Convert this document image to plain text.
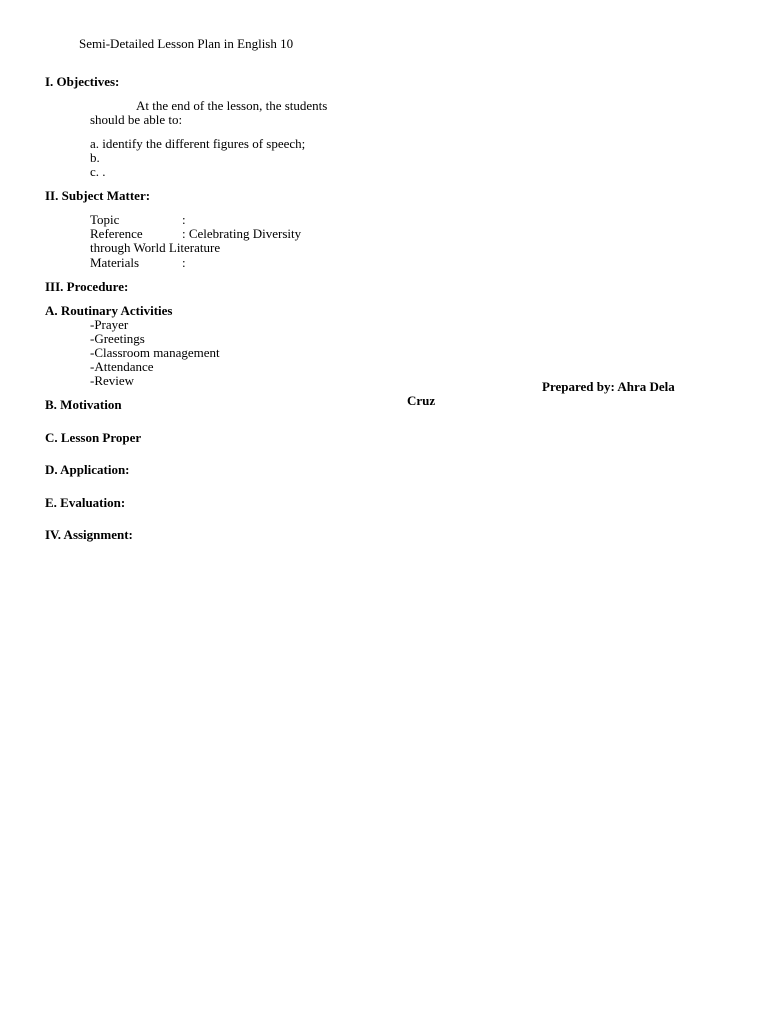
Semi-Detailed Lesson Plan in English 10
I. Objectives:
At the end of the lesson, the students
should be able to:
a. identify the different figures of speech;
b.
c. .
II. Subject Matter:
Topic	:
Reference	: Celebrating Diversity
through World Literature
Materials	:
III. Procedure:
A. Routinary Activities
-Prayer
-Greetings
-Classroom management
-Attendance
-Review	Prepared by: Ahra Dela
Cruz
B. Motivation
C. Lesson Proper
D. Application:
E. Evaluation:
IV. Assignment:
